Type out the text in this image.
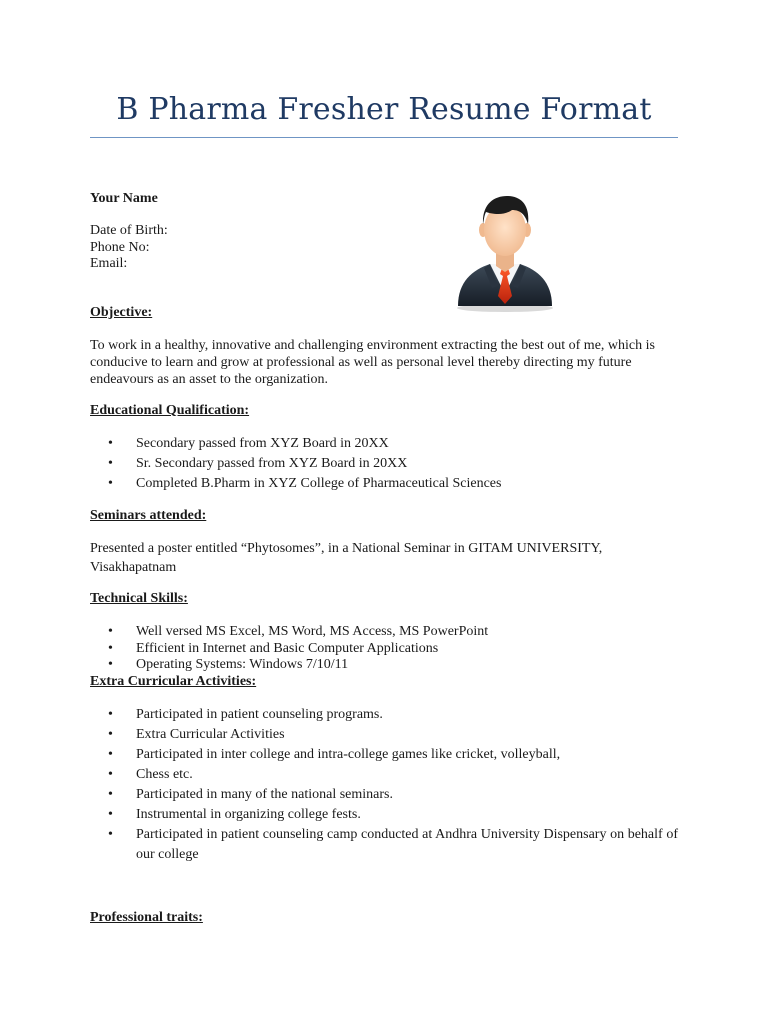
B Pharma Fresher Resume Format
Your Name
Date of Birth:
Phone No:
Email:
Objective:
To work in a healthy, innovative and challenging environment extracting the best out of me, which is conducive to learn and grow at professional as well as personal level thereby directing my future endeavours as an asset to the organization.
Educational Qualification:
• Secondary passed from XYZ Board in 20XX
• Sr. Secondary passed from XYZ Board in 20XX
• Completed B.Pharm in XYZ College of Pharmaceutical Sciences
Seminars attended:
Presented a poster entitled “Phytosomes”, in a National Seminar in GITAM UNIVERSITY, Visakhapatnam
Technical Skills:
• Well versed MS Excel, MS Word, MS Access, MS PowerPoint
• Efficient in Internet and Basic Computer Applications
• Operating Systems: Windows 7/10/11
Extra Curricular Activities:
• Participated in patient counseling programs.
• Extra Curricular Activities
• Participated in inter college and intra-college games like cricket, volleyball,
• Chess etc.
• Participated in many of the national seminars.
• Instrumental in organizing college fests.
• Participated in patient counseling camp conducted at Andhra University Dispensary on behalf of our college
Professional traits:
